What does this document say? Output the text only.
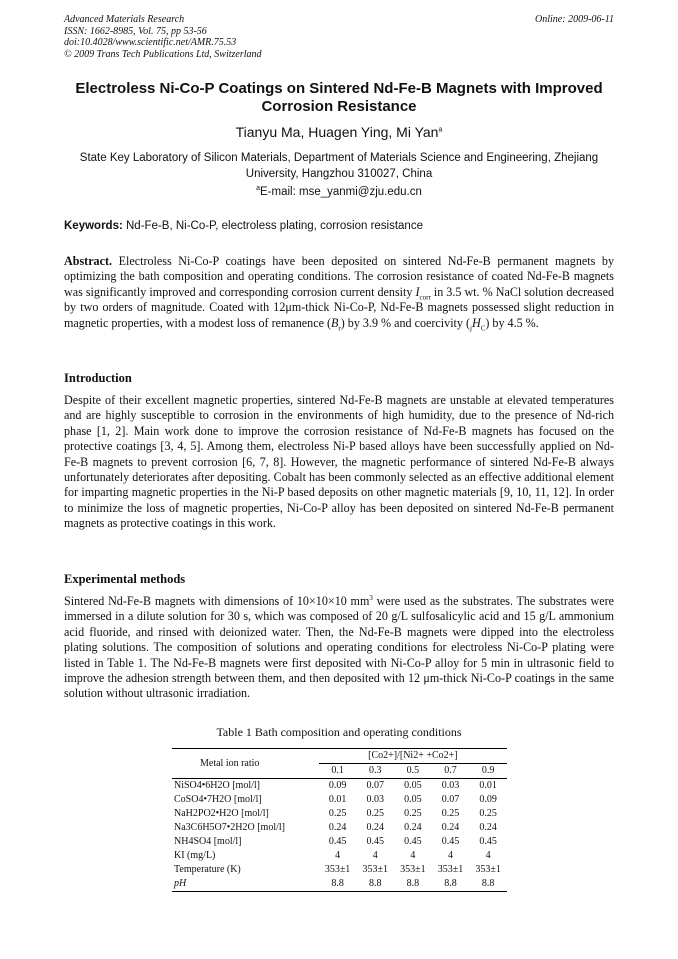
Advanced Materials Research
ISSN: 1662-8985, Vol. 75, pp 53-56
doi:10.4028/www.scientific.net/AMR.75.53
© 2009 Trans Tech Publications Ltd, Switzerland
Online: 2009-06-11
Electroless Ni-Co-P Coatings on Sintered Nd-Fe-B Magnets with Improved Corrosion Resistance
Tianyu Ma, Huagen Ying, Mi Yan$^a$
State Key Laboratory of Silicon Materials, Department of Materials Science and Engineering, Zhejiang University, Hangzhou 310027, China
$^a$E-mail: mse_yanmi@zju.edu.cn
Keywords: Nd-Fe-B, Ni-Co-P, electroless plating, corrosion resistance

Abstract. Electroless Ni-Co-P coatings have been deposited on sintered Nd-Fe-B permanent magnets by optimizing the bath composition and operating conditions. The corrosion resistance of coated Nd-Fe-B magnets was significantly improved and corresponding corrosion current density $I_{corr}$ in 3.5 wt. % NaCl solution decreased by two orders of magnitude. Coated with 12μm-thick Ni-Co-P, Nd-Fe-B magnets possessed slight reduction in magnetic properties, with a modest loss of remanence $(B_r)$ by 3.9 % and coercivity $(_jH_C)$ by 4.5 %.

Introduction

Despite of their excellent magnetic properties, sintered Nd-Fe-B magnets are unstable at elevated temperatures and are highly susceptible to corrosion in the environments of high humidity, due to the presence of Nd-rich phase [1, 2]. Main work done to improve the corrosion resistance of Nd-Fe-B magnets has focused on the protective coatings [3, 4, 5]. Among them, electroless Ni-P based alloys have been successfully applied on Nd-Fe-B magnets to prevent corrosion [6, 7, 8]. However, the magnetic performance of sintered Nd-Fe-B always unfortunately deteriorates after depositing. Cobalt has been commonly selected as an effective additional element for imparting magnetic properties in the Ni-P based deposits on other magnetic materials [9, 10, 11, 12]. In order to minimize the loss of magnetic properties, Ni-Co-P alloy has been deposited on sintered Nd-Fe-B permanent magnets as protective coatings in this work.

Experimental methods

Sintered Nd-Fe-B magnets with dimensions of 10×10×10 $mm^3$ were used as the substrates. The substrates were immersed in a dilute solution for 30 s, which was composed of 20 g/L sulfosalicylic acid and 15 g/L ammonium acid fluoride, and rinsed with deionized water. Then, the Nd-Fe-B magnets were dipped into the electroless plating solutions. The composition of solutions and operating conditions for electroless Ni-Co-P plating were listed in Table 1. The Nd-Fe-B magnets were first deposited with Ni-Co-P alloy for 5 min in ultrasonic field to improve the adhesion strength between them, and then deposited with 12 μm-thick Ni-Co-P coatings in the same solution without ultrasonic irradiation.

Table 1 Bath composition and operating conditions
Metal ion ratio	[Co2+]/[Ni2+ +Co2+]				
	0.1	0.3	0.5	0.7	0.9
NiSO4•6H2O [mol/l]	0.09	0.07	0.05	0.03	0.01
CoSO4•7H2O [mol/l]	0.01	0.03	0.05	0.07	0.09
NaH2PO2•H2O [mol/l]	0.25	0.25	0.25	0.25	0.25
Na3C6H5O7•2H2O [mol/l]	0.24	0.24	0.24	0.24	0.24
NH4SO4 [mol/l]	0.45	0.45	0.45	0.45	0.45
KI (mg/L)	4	4	4	4	4
Temperature (K)	353±1	353±1	353±1	353±1	353±1
pH	8.8	8.8	8.8	8.8	8.8
